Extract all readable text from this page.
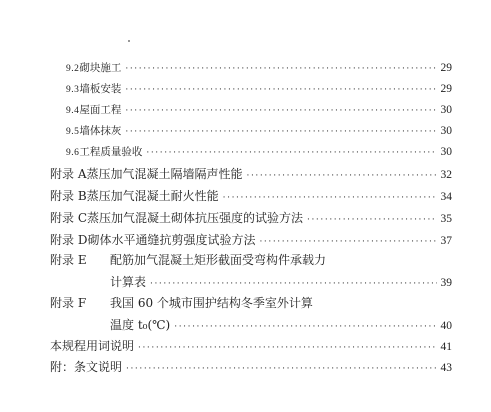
9.2 砌块施工 ·····	29
9.3 墙板安装 ·····	29
9.4 屋面工程 ·····	30
9.5 墙体抹灰 ·····	30
9.6 工程质量验收 ·····	30
附录 A 蒸压加气混凝土隔墙隔声性能 ·····	32
附录 B 蒸压加气混凝土耐火性能 ·····	34
附录 C 蒸压加气混凝土砌体抗压强度的试验方法 ·····	35
附录 D 砌体水平通缝抗剪强度试验方法 ·····	37
附录 E	配筋加气混凝土矩形截面受弯构件承载力
计算表 ·····	39
附录 F	我国 60 个城市围护结构冬季室外计算
温度 t₀(℃) ·····	40
本规程用词说明 ·····	41
附：条文说明 ·····	43
